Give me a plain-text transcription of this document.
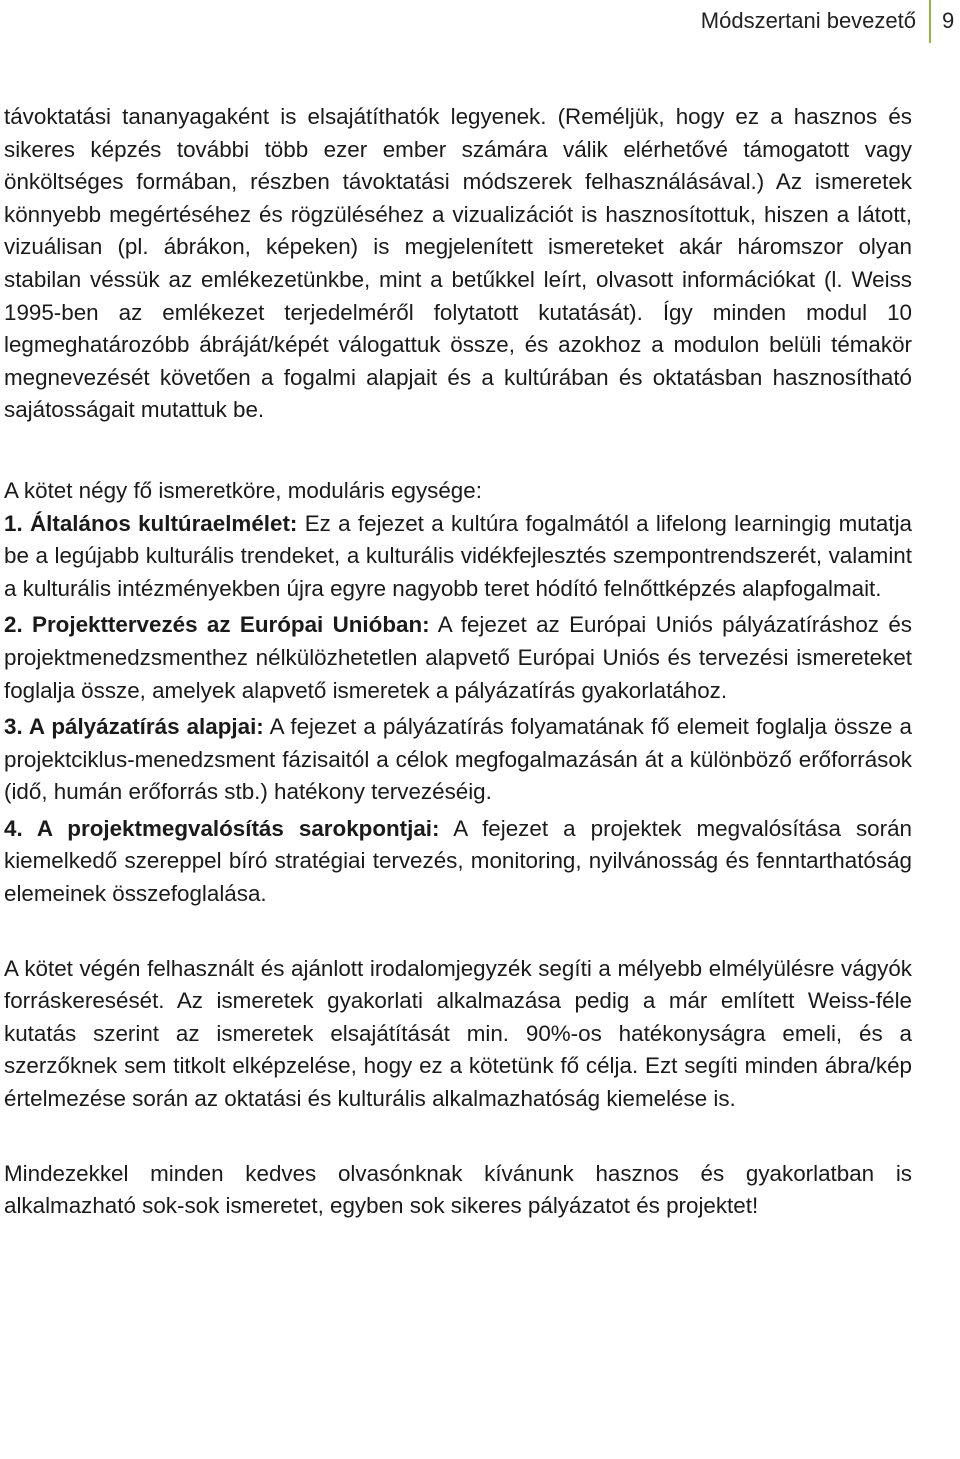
Módszertani bevezető 9

távoktatási tananyagaként is elsajátíthatók legyenek. (Reméljük, hogy ez a hasznos és sikeres képzés további több ezer ember számára válik elérhetővé támogatott vagy önköltséges formában, részben távoktatási módszerek felhasználásával.) Az ismeretek könnyebb megértéséhez és rögzüléséhez a vizualizációt is hasznosítottuk, hiszen a látott, vizuálisan (pl. ábrákon, képeken) is megjelenített ismereteket akár háromszor olyan stabilan véssük az emlékezetünkbe, mint a betűkkel leírt, olvasott információkat (l. Weiss 1995-ben az emlékezet terjedelméről folytatott kutatását). Így minden modul 10 legmeghatározóbb ábráját/képét válogattuk össze, és azokhoz a modulon belüli témakör megnevezését követően a fogalmi alapjait és a kultúrában és oktatásban hasznosítható sajátosságait mutattuk be.

A kötet négy fő ismeretköre, moduláris egysége:

1. Általános kultúraelmélet: Ez a fejezet a kultúra fogalmától a lifelong learningig mutatja be a legújabb kulturális trendeket, a kulturális vidékfejlesztés szempontrendszerét, valamint a kulturális intézményekben újra egyre nagyobb teret hódító felnőttképzés alapfogalmait.

2. Projekttervezés az Európai Unióban: A fejezet az Európai Uniós pályázatíráshoz és projektmenedzsmenthez nélkülözhetetlen alapvető Európai Uniós és tervezési ismereteket foglalja össze, amelyek alapvető ismeretek a pályázatírás gyakorlatához.

3. A pályázatírás alapjai: A fejezet a pályázatírás folyamatának fő elemeit foglalja össze a projektciklus-menedzsment fázisaitól a célok megfogalmazásán át a különböző erőforrások (idő, humán erőforrás stb.) hatékony tervezéséig.

4. A projektmegvalósítás sarokpontjai: A fejezet a projektek megvalósítása során kiemelkedő szereppel bíró stratégiai tervezés, monitoring, nyilvánosság és fenntarthatóság elemeinek összefoglalása.

A kötet végén felhasznált és ajánlott irodalomjegyzék segíti a mélyebb elmélyülésre vágyók forráskeresését. Az ismeretek gyakorlati alkalmazása pedig a már említett Weiss-féle kutatás szerint az ismeretek elsajátítását min. 90%-os hatékonyságra emeli, és a szerzőknek sem titkolt elképzelése, hogy ez a kötetünk fő célja. Ezt segíti minden ábra/kép értelmezése során az oktatási és kulturális alkalmazhatóság kiemelése is.

Mindezekkel minden kedves olvasónknak kívánunk hasznos és gyakorlatban is alkalmazható sok-sok ismeretet, egyben sok sikeres pályázatot és projektet!
